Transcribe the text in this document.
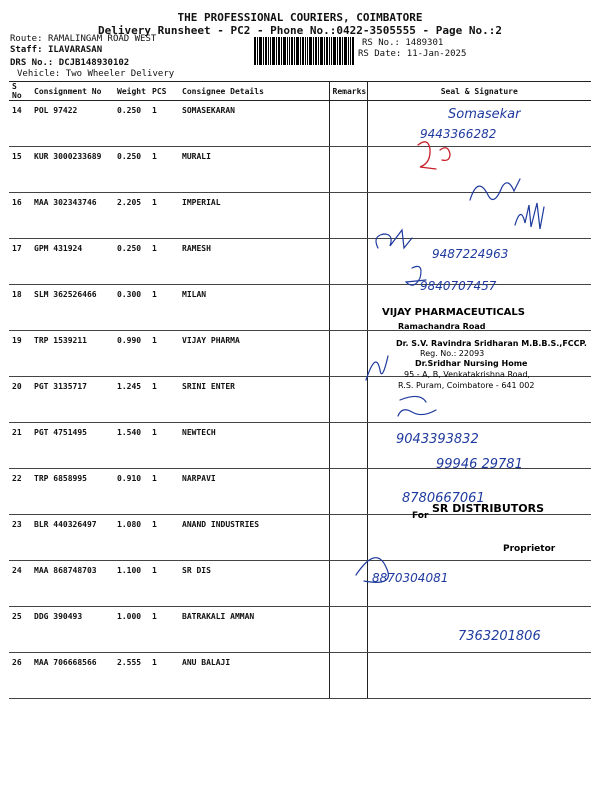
THE PROFESSIONAL COURIERS, COIMBATORE
Delivery Runsheet - PC2 - Phone No.:0422-3505555 - Page No.:2
Route: RAMALINGAM ROAD WEST
Staff: ILAVARASAN
DRS No.: DCJB148930102
Vehicle: Two Wheeler Delivery
RS No.: 1489301
RS Date: 11-Jan-2025
S No	Consignment No	Weight	PCS	Consignee Details	Remarks	Seal & Signature
14	POL 97422	0.250	1	SOMASEKARAN		
15	KUR 3000233689	0.250	1	MURALI		
16	MAA 302343746	2.205	1	IMPERIAL		
17	GPM 431924	0.250	1	RAMESH		
18	SLM 362526466	0.300	1	MILAN		
19	TRP 1539211	0.990	1	VIJAY PHARMA		
20	PGT 3135717	1.245	1	SRINI ENTER		
21	PGT 4751495	1.540	1	NEWTECH		
22	TRP 6858995	0.910	1	NARPAVI		
23	BLR 440326497	1.080	1	ANAND INDUSTRIES		
24	MAA 868748703	1.100	1	SR DIS		
25	DDG 390493	1.000	1	BATRAKALI AMMAN		
26	MAA 706668566	2.555	1	ANU BALAJI		
Somasekar
9443366282
9487224963
9840707457
9043393832
99946 29781
8780667061
8870304081
7363201806
VIJAY PHARMACEUTICALS
Ramachandra Road
Dr. S.V. Ravindra Sridharan M.B.B.S.,FCCP.
Reg. No.: 22093
Dr.Sridhar Nursing Home
95 - A, B, Venkatakrishna Road,
R.S. Puram, Coimbatore - 641 002
For
SR DISTRIBUTORS
Proprietor
